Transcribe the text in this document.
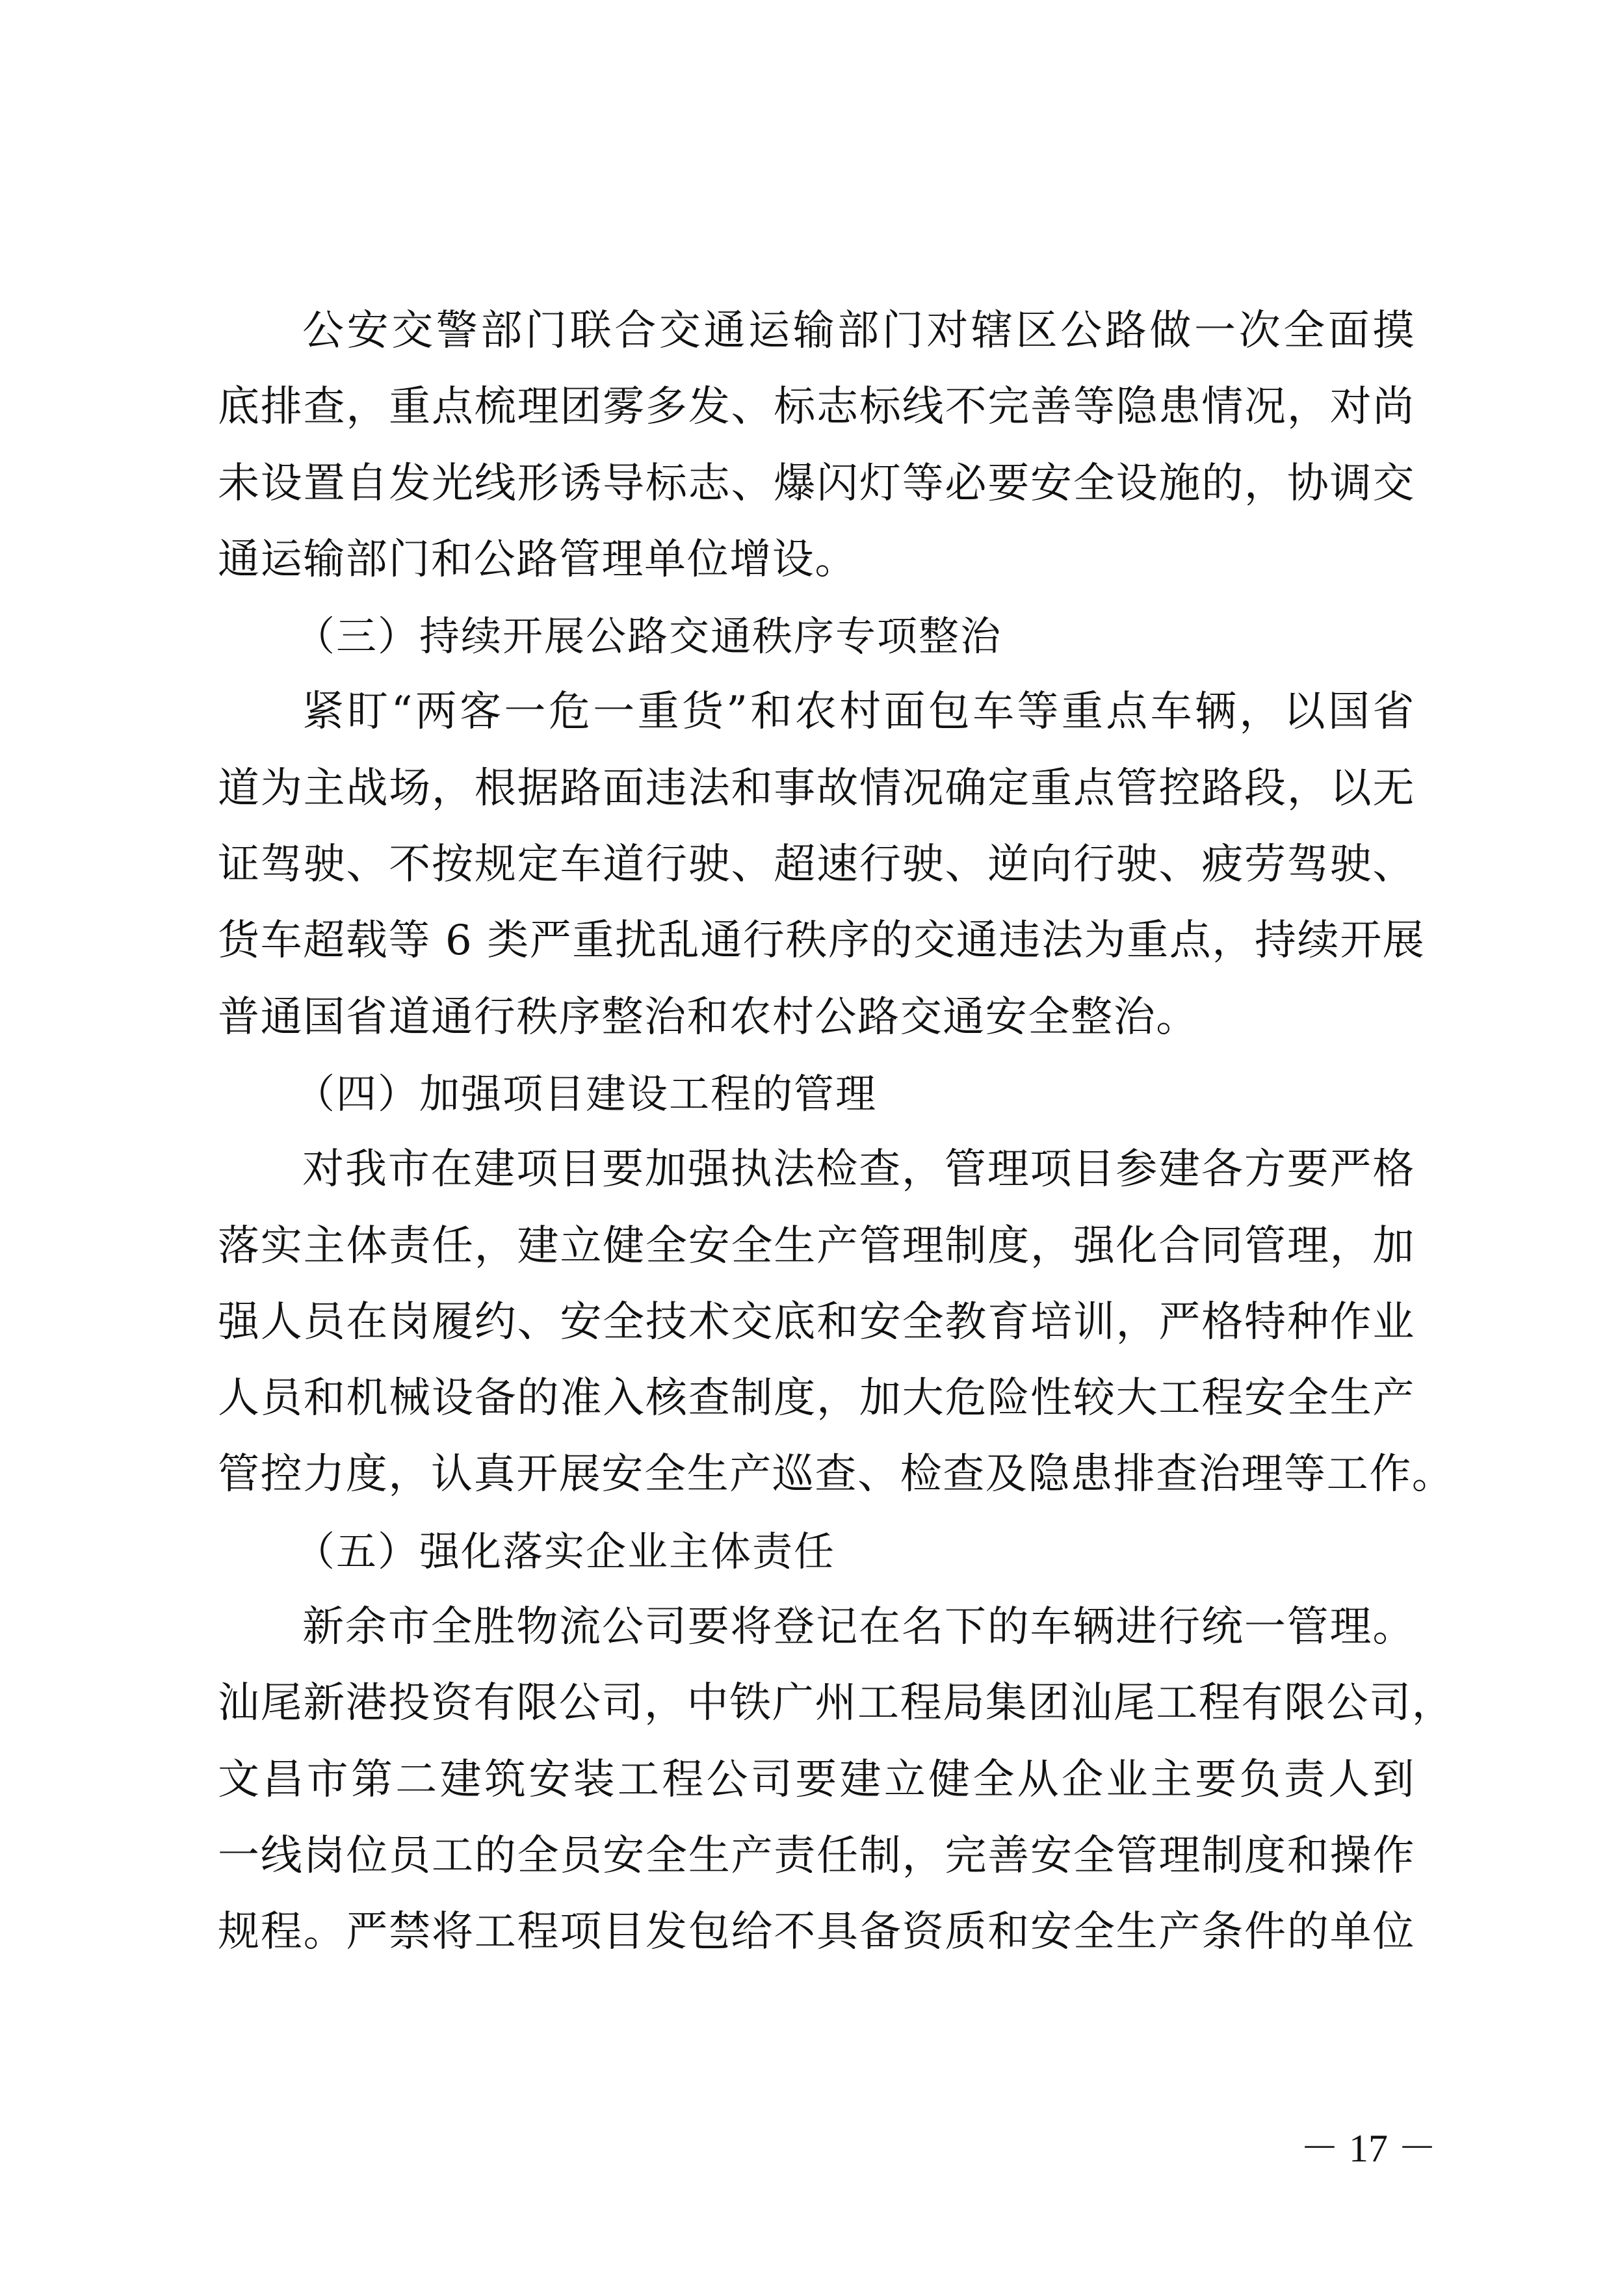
公安交警部门联合交通运输部门对辖区公路做一次全面摸
底排查，重点梳理团雾多发、标志标线不完善等隐患情况，对尚
未设置自发光线形诱导标志、爆闪灯等必要安全设施的，协调交
通运输部门和公路管理单位增设。
（三）持续开展公路交通秩序专项整治
紧盯“两客一危一重货”和农村面包车等重点车辆，以国省
道为主战场，根据路面违法和事故情况确定重点管控路段，以无
证驾驶、不按规定车道行驶、超速行驶、逆向行驶、疲劳驾驶、
货车超载等 6 类严重扰乱通行秩序的交通违法为重点，持续开展
普通国省道通行秩序整治和农村公路交通安全整治。
（四）加强项目建设工程的管理
对我市在建项目要加强执法检查，管理项目参建各方要严格
落实主体责任，建立健全安全生产管理制度，强化合同管理，加
强人员在岗履约、安全技术交底和安全教育培训，严格特种作业
人员和机械设备的准入核查制度，加大危险性较大工程安全生产
管控力度，认真开展安全生产巡查、检查及隐患排查治理等工作。
（五）强化落实企业主体责任
新余市全胜物流公司要将登记在名下的车辆进行统一管理。
汕尾新港投资有限公司，中铁广州工程局集团汕尾工程有限公司，
文昌市第二建筑安装工程公司要建立健全从企业主要负责人到
一线岗位员工的全员安全生产责任制，完善安全管理制度和操作
规程。严禁将工程项目发包给不具备资质和安全生产条件的单位
－ 17 －
